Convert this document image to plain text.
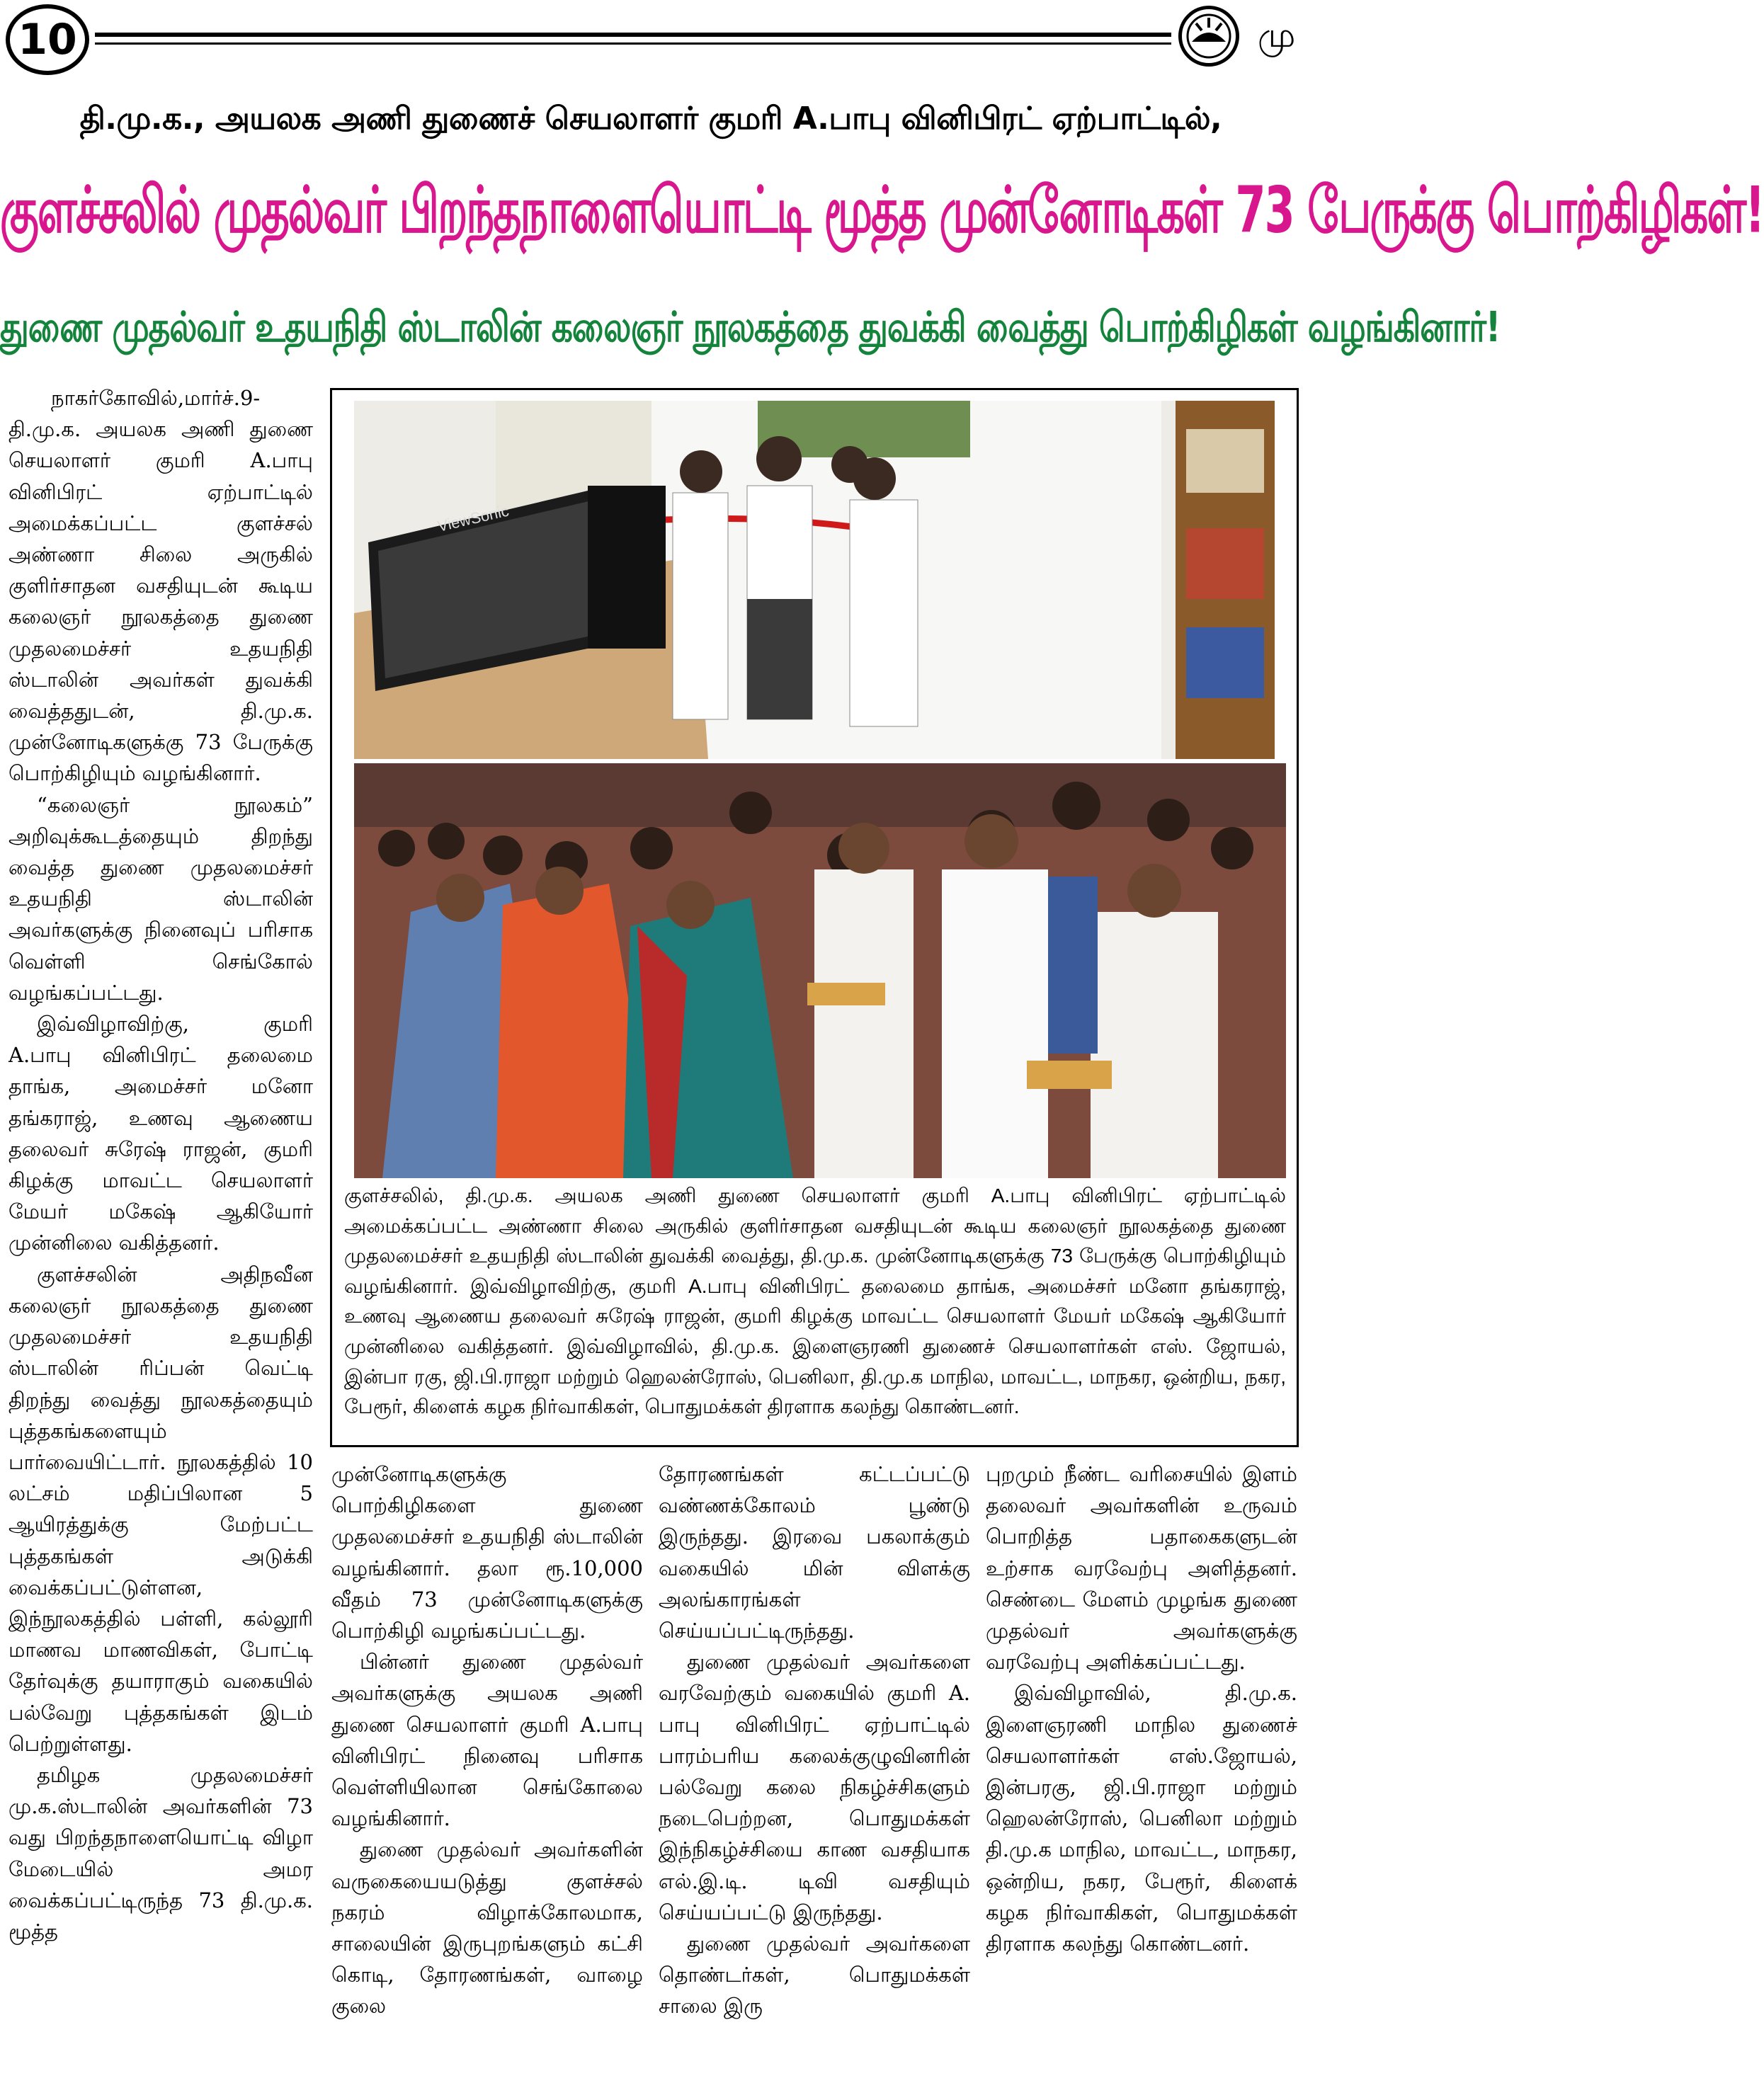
10	மு
தி.மு.க., அயலக அணி துணைச் செயலாளர் குமரி A.பாபு வினிபிரட் ஏற்பாட்டில்,
குளச்சலில் முதல்வர் பிறந்தநாளையொட்டி மூத்த முன்னோடிகள் 73 பேருக்கு பொற்கிழிகள்!
துணை முதல்வர் உதயநிதி ஸ்டாலின் கலைஞர் நூலகத்தை துவக்கி வைத்து பொற்கிழிகள் வழங்கினார்!
ViewSonic
குளச்சலில், தி.மு.க. அயலக அணி துணை செயலாளர் குமரி A.பாபு வினிபிரட் ஏற்பாட்டில் அமைக்கப்பட்ட அண்ணா சிலை அருகில் குளிர்சாதன வசதியுடன் கூடிய கலைஞர் நூலகத்தை துணை முதலமைச்சர் உதயநிதி ஸ்டாலின் துவக்கி வைத்து, தி.மு.க. முன்னோடிகளுக்கு 73 பேருக்கு பொற்கிழியும் வழங்கினார். இவ்விழாவிற்கு, குமரி A.பாபு வினிபிரட் தலைமை தாங்க, அமைச்சர் மனோ தங்கராஜ், உணவு ஆணைய தலைவர் சுரேஷ் ராஜன், குமரி கிழக்கு மாவட்ட செயலாளர் மேயர் மகேஷ் ஆகியோர் முன்னிலை வகித்தனர். இவ்விழாவில், தி.மு.க. இளைஞரணி துணைச் செயலாளர்கள் எஸ். ஜோயல், இன்பா ரகு, ஜி.பி.ராஜா மற்றும் ஹெலன்ரோஸ், பெனிலா, தி.மு.க மாநில, மாவட்ட, மாநகர, ஒன்றிய, நகர, பேரூர், கிளைக் கழக நிர்வாகிகள், பொதுமக்கள் திரளாக கலந்து கொண்டனர்.

நாகர்கோவில்,மார்ச்.9- தி.மு.க. அயலக அணி துணை செயலாளர் குமரி A.பாபு வினிபிரட் ஏற்பாட்டில் அமைக்கப்பட்ட குளச்சல் அண்ணா சிலை அருகில் குளிர்சாதன வசதியுடன் கூடிய கலைஞர் நூலகத்தை துணை முதலமைச்சர் உதயநிதி ஸ்டாலின் அவர்கள் துவக்கி வைத்ததுடன், தி.மு.க. முன்னோடிகளுக்கு 73 பேருக்கு பொற்கிழியும் வழங்கினார்.

“கலைஞர் நூலகம்” அறிவுக்கூடத்தையும் திறந்து வைத்த துணை முதலமைச்சர் உதயநிதி ஸ்டாலின் அவர்களுக்கு நினைவுப் பரிசாக வெள்ளி செங்கோல் வழங்கப்பட்டது.

இவ்விழாவிற்கு, குமரி A.பாபு வினிபிரட் தலைமை தாங்க, அமைச்சர் மனோ தங்கராஜ், உணவு ஆணைய தலைவர் சுரேஷ் ராஜன், குமரி கிழக்கு மாவட்ட செயலாளர் மேயர் மகேஷ் ஆகியோர் முன்னிலை வகித்தனர்.

குளச்சலின் அதிநவீன கலைஞர் நூலகத்தை துணை முதலமைச்சர் உதயநிதி ஸ்டாலின் ரிப்பன் வெட்டி திறந்து வைத்து நூலகத்தையும் புத்தகங்களையும் பார்வையிட்டார். நூலகத்தில் 10 லட்சம் மதிப்பிலான 5 ஆயிரத்துக்கு மேற்பட்ட புத்தகங்கள் அடுக்கி வைக்கப்பட்டுள்ளன, இந்நூலகத்தில் பள்ளி, கல்லூரி மாணவ மாணவிகள், போட்டி தேர்வுக்கு தயாராகும் வகையில் பல்வேறு புத்தகங்கள் இடம் பெற்றுள்ளது.

தமிழக முதலமைச்சர் மு.க.ஸ்டாலின் அவர்களின் 73 வது பிறந்தநாளையொட்டி விழா மேடையில் அமர வைக்கப்பட்டிருந்த 73 தி.மு.க. மூத்த

முன்னோடிகளுக்கு பொற்கிழிகளை துணை முதலமைச்சர் உதயநிதி ஸ்டாலின் வழங்கினார். தலா ரூ.10,000 வீதம் 73 முன்னோடிகளுக்கு பொற்கிழி வழங்கப்பட்டது.

பின்னர் துணை முதல்வர் அவர்களுக்கு அயலக அணி துணை செயலாளர் குமரி A.பாபு வினிபிரட் நினைவு பரிசாக வெள்ளியிலான செங்கோலை வழங்கினார்.

துணை முதல்வர் அவர்களின் வருகையையடுத்து குளச்சல் நகரம் விழாக்கோலமாக, சாலையின் இருபுறங்களும் கட்சி கொடி, தோரணங்கள், வாழை குலை

தோரணங்கள் கட்டப்பட்டு வண்ணக்கோலம் பூண்டு இருந்தது. இரவை பகலாக்கும் வகையில் மின் விளக்கு அலங்காரங்கள் செய்யப்பட்டிருந்தது.

துணை முதல்வர் அவர்களை வரவேற்கும் வகையில் குமரி A. பாபு வினிபிரட் ஏற்பாட்டில் பாரம்பரிய கலைக்குழுவினரின் பல்வேறு கலை நிகழ்ச்சிகளும் நடைபெற்றன, பொதுமக்கள் இந்நிகழ்ச்சியை காண வசதியாக எல்.இ.டி. டிவி வசதியும் செய்யப்பட்டு இருந்தது.

துணை முதல்வர் அவர்களை தொண்டர்கள், பொதுமக்கள் சாலை இரு

புறமும் நீண்ட வரிசையில் இளம் தலைவர் அவர்களின் உருவம் பொறித்த பதாகைகளுடன் உற்சாக வரவேற்பு அளித்தனர். செண்டை மேளம் முழங்க துணை முதல்வர் அவர்களுக்கு வரவேற்பு அளிக்கப்பட்டது.

இவ்விழாவில், தி.மு.க. இளைஞரணி மாநில துணைச் செயலாளர்கள் எஸ்.ஜோயல், இன்பரகு, ஜி.பி.ராஜா மற்றும் ஹெலன்ரோஸ், பெனிலா மற்றும் தி.மு.க மாநில, மாவட்ட, மாநகர, ஒன்றிய, நகர, பேரூர், கிளைக் கழக நிர்வாகிகள், பொதுமக்கள் திரளாக கலந்து கொண்டனர்.
